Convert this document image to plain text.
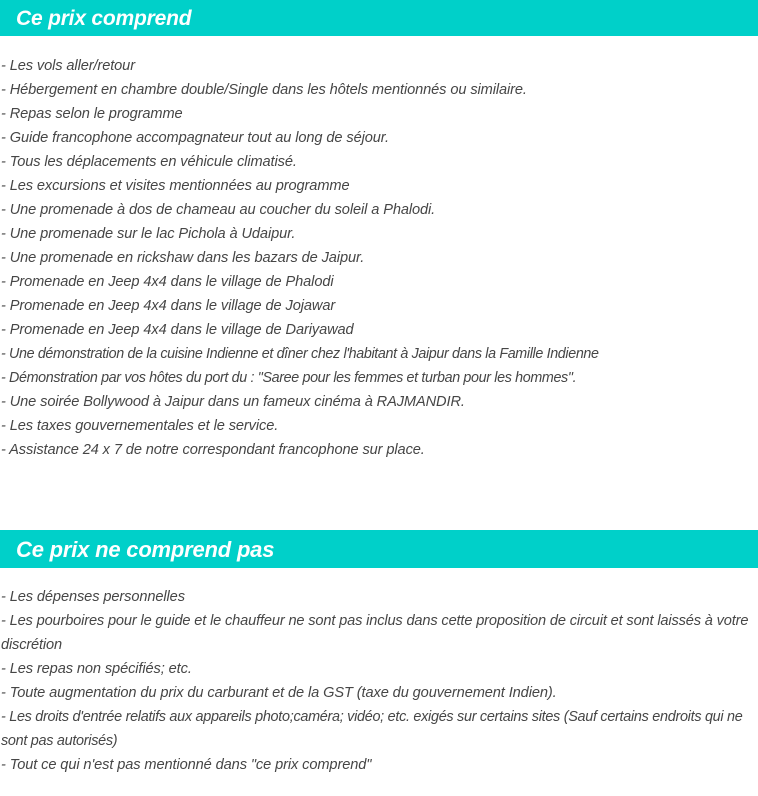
Ce prix comprend
- Les vols aller/retour
- Hébergement en chambre double/Single dans les hôtels mentionnés ou similaire.
- Repas selon le programme
- Guide francophone accompagnateur tout au long de séjour.
- Tous les déplacements en véhicule climatisé.
- Les excursions et visites mentionnées au programme
- Une promenade à dos de chameau au coucher du soleil a Phalodi.
- Une promenade sur le lac Pichola à Udaipur.
- Une promenade en rickshaw dans les bazars de Jaipur.
- Promenade en Jeep 4x4 dans le village de Phalodi
- Promenade en Jeep 4x4 dans le village de Jojawar
- Promenade en Jeep 4x4 dans le village de Dariyawad
- Une démonstration de la cuisine Indienne et dîner chez l'habitant à Jaipur dans la Famille Indienne
- Démonstration par vos hôtes du port du : "Saree pour les femmes et turban pour les hommes".
- Une soirée Bollywood à Jaipur dans un fameux cinéma à RAJMANDIR.
- Les taxes gouvernementales et le service.
- Assistance 24 x 7 de notre correspondant francophone sur place.
Ce prix ne comprend pas
- Les dépenses personnelles
- Les pourboires pour le guide et le chauffeur ne sont pas inclus dans cette proposition de circuit et sont laissés à votre discrétion
- Les repas non spécifiés; etc.
- Toute augmentation du prix du carburant et de la GST (taxe du gouvernement Indien).
- Les droits d'entrée relatifs aux appareils photo;caméra; vidéo; etc. exigés sur certains sites (Sauf certains endroits qui ne sont pas autorisés)
- Tout ce qui n'est pas mentionné dans "ce prix comprend"
